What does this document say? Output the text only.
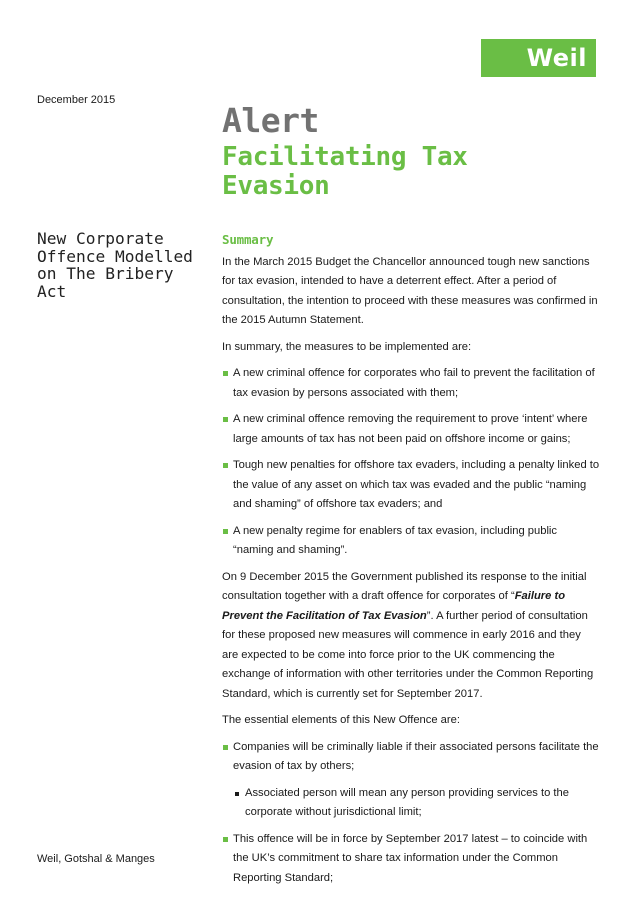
Weil
December 2015
Alert
Facilitating Tax Evasion
New Corporate Offence Modelled on The Bribery Act
Summary

In the March 2015 Budget the Chancellor announced tough new sanctions for tax evasion, intended to have a deterrent effect. After a period of consultation, the intention to proceed with these measures was confirmed in the 2015 Autumn Statement.

In summary, the measures to be implemented are:

A new criminal offence for corporates who fail to prevent the facilitation of tax evasion by persons associated with them;
A new criminal offence removing the requirement to prove ‘intent’ where large amounts of tax has not been paid on offshore income or gains;
Tough new penalties for offshore tax evaders, including a penalty linked to the value of any asset on which tax was evaded and the public “naming and shaming” of offshore tax evaders; and
A new penalty regime for enablers of tax evasion, including public “naming and shaming”.

On 9 December 2015 the Government published its response to the initial consultation together with a draft offence for corporates of “Failure to Prevent the Facilitation of Tax Evasion”. A further period of consultation for these proposed new measures will commence in early 2016 and they are expected to be come into force prior to the UK commencing the exchange of information with other territories under the Common Reporting Standard, which is currently set for September 2017.

The essential elements of this New Offence are:

Companies will be criminally liable if their associated persons facilitate the evasion of tax by others;
Associated person will mean any person providing services to the corporate without jurisdictional limit;
This offence will be in force by September 2017 latest – to coincide with the UK’s commitment to share tax information under the Common Reporting Standard;
Weil, Gotshal & Manges
